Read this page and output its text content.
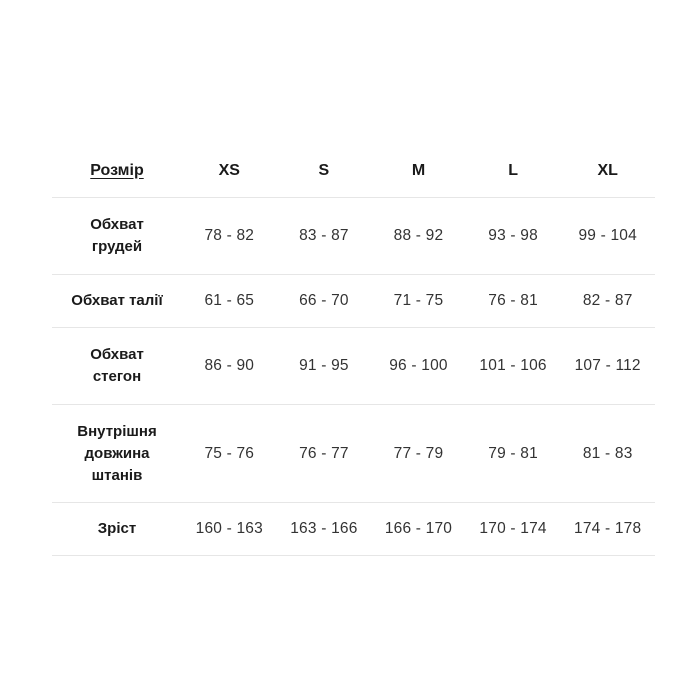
Розмір	XS	S	M	L	XL

Обхват
грудей	78 - 82	83 - 87	88 - 92	93 - 98	99 - 104

Обхват талії	61 - 65	66 - 70	71 - 75	76 - 81	82 - 87

Обхват
стегон	86 - 90	91 - 95	96 - 100	101 - 106	107 - 112

Внутрішня
довжина
штанів	75 - 76	76 - 77	77 - 79	79 - 81	81 - 83

Зріст	160 - 163	163 - 166	166 - 170	170 - 174	174 - 178
